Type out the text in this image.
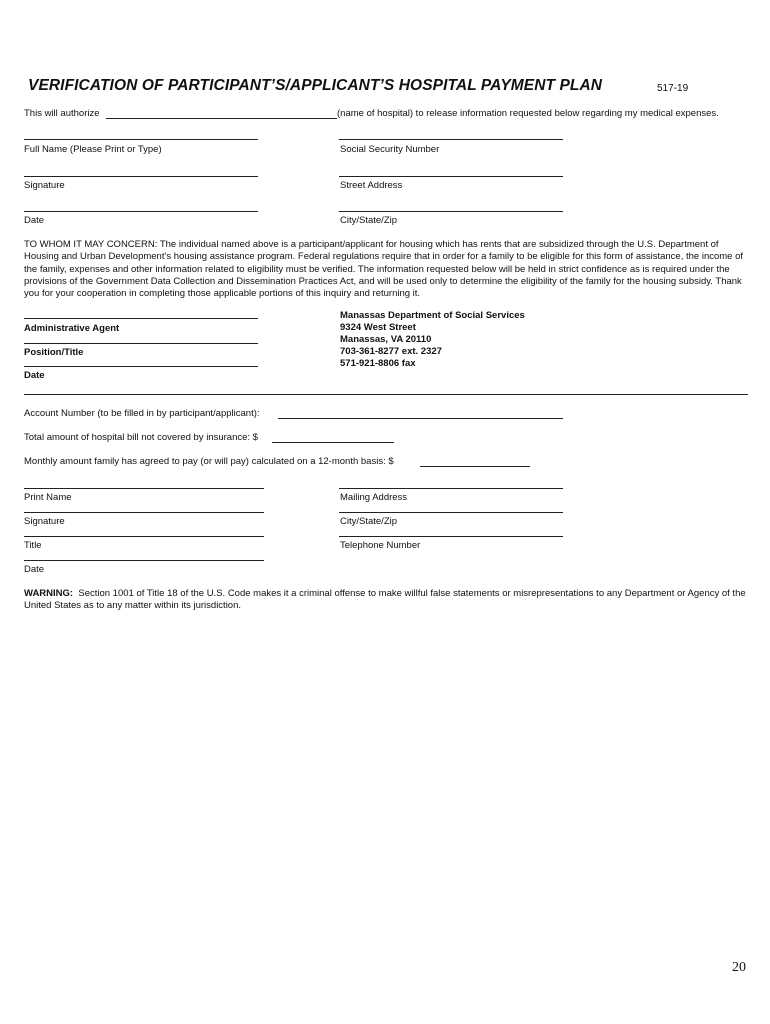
VERIFICATION OF PARTICIPANT’S/APPLICANT’S HOSPITAL PAYMENT PLAN	517-19
This will authorize	(name of hospital) to release information requested below regarding my medical expenses.
Full Name (Please Print or Type)	Social Security Number
Signature	Street Address
Date	City/State/Zip
TO WHOM IT MAY CONCERN: The individual named above is a participant/applicant for housing which has rents that are subsidized through the U.S. Department of Housing and Urban Development’s housing assistance program. Federal regulations require that in order for a family to be eligible for this form of assistance, the income of the family, expenses and other information related to eligibility must be verified. The information requested below will be held in strict confidence as is required under the provisions of the Government Data Collection and Dissemination Practices Act, and will be used only to determine the eligibility of the family for the housing subsidy. Thank you for your cooperation in completing those applicable portions of this inquiry and returning it.
Administrative Agent
Position/Title
Date
Manassas Department of Social Services
9324 West Street
Manassas, VA 20110
703-361-8277 ext. 2327
571-921-8806 fax
Account Number (to be filled in by participant/applicant):
Total amount of hospital bill not covered by insurance: $
Monthly amount family has agreed to pay (or will pay) calculated on a 12-month basis: $
Print Name	Mailing Address
Signature	City/State/Zip
Title	Telephone Number
Date
WARNING: Section 1001 of Title 18 of the U.S. Code makes it a criminal offense to make willful false statements or misrepresentations to any Department or Agency of the United States as to any matter within its jurisdiction.
20
